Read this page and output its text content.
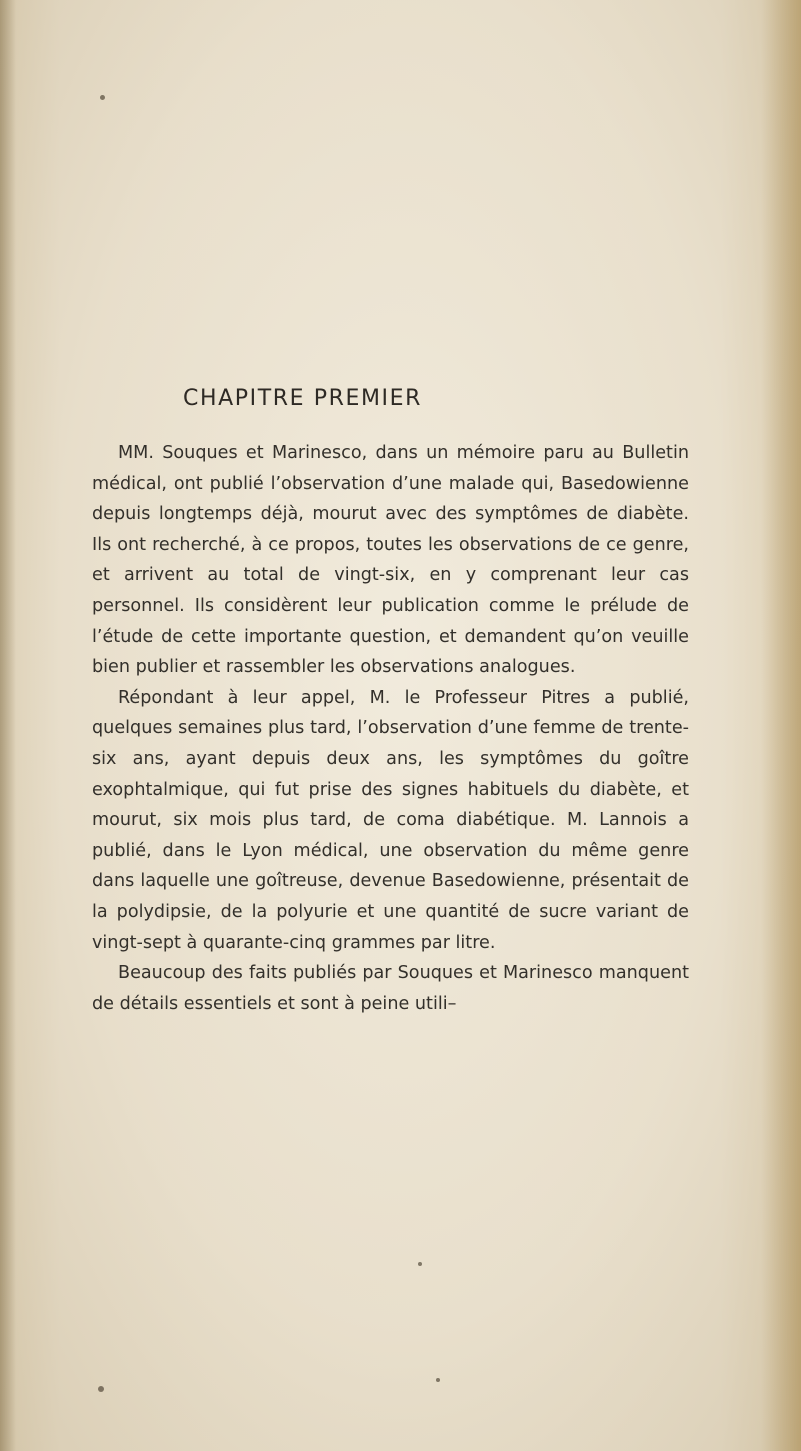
CHAPITRE PREMIER

MM. Souques et Marinesco, dans un mémoire paru au Bulletin médical, ont publié l’observation d’une malade qui, Basedowienne depuis longtemps déjà, mourut avec des symptômes de diabète. Ils ont recherché, à ce propos, toutes les observations de ce genre, et arrivent au total de vingt-six, en y comprenant leur cas personnel. Ils considèrent leur publication comme le prélude de l’étude de cette importante question, et demandent qu’on veuille bien publier et rassembler les observations analogues.

Répondant à leur appel, M. le Professeur Pitres a publié, quelques semaines plus tard, l’observation d’une femme de trente-six ans, ayant depuis deux ans, les symptômes du goître exophtalmique, qui fut prise des signes habituels du diabète, et mourut, six mois plus tard, de coma diabétique. M. Lannois a publié, dans le Lyon médical, une observation du même genre dans laquelle une goîtreuse, devenue Basedowienne, présentait de la polydipsie, de la polyurie et une quantité de sucre variant de vingt-sept à quarante-cinq grammes par litre.

Beaucoup des faits publiés par Souques et Marinesco manquent de détails essentiels et sont à peine utili–
